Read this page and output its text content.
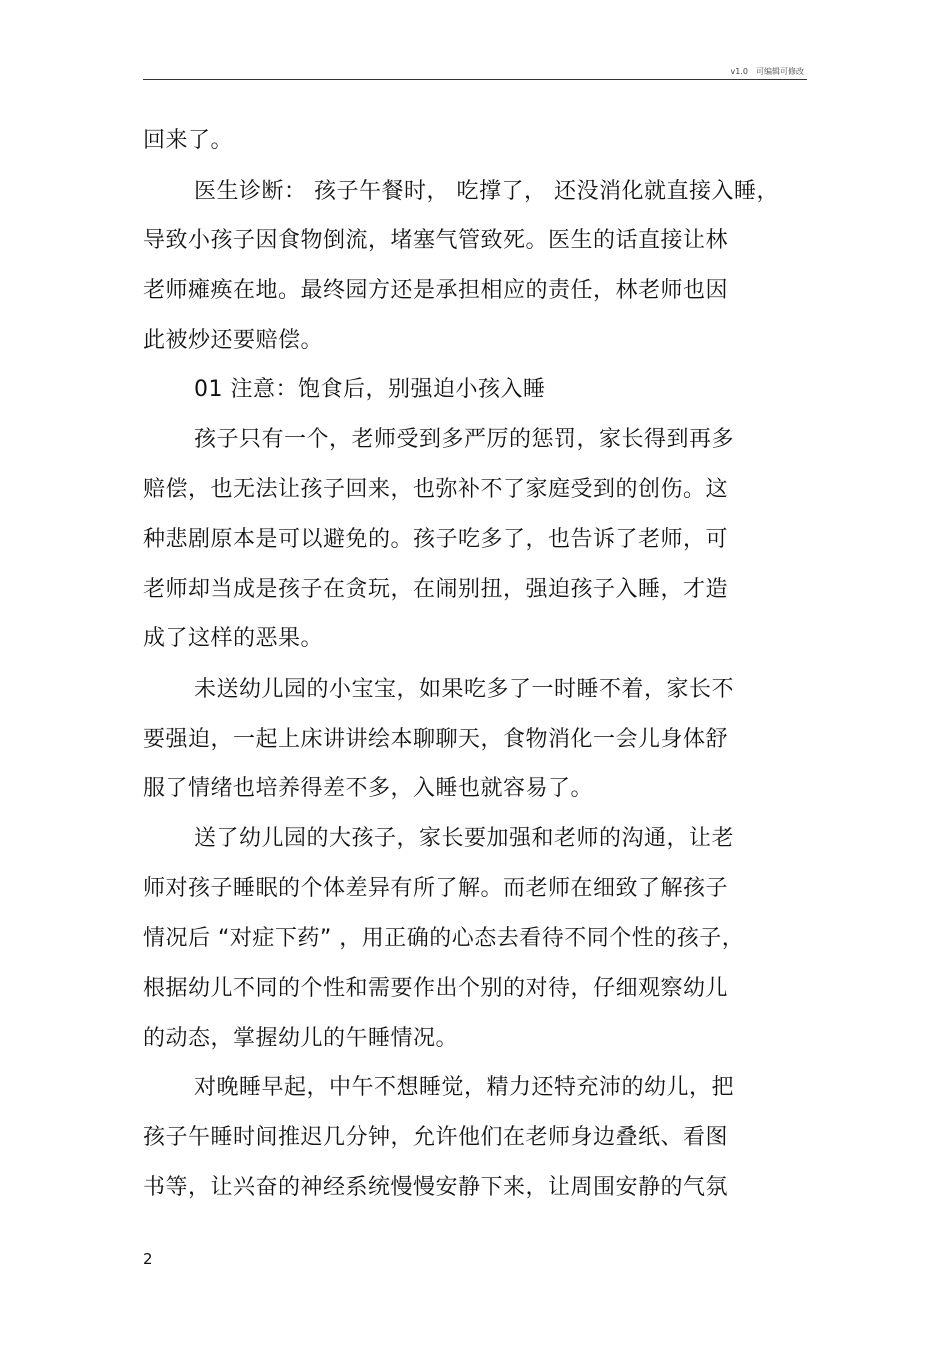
v1.0　可编辑可修改
回来了。
医生诊断： 孩子午餐时， 吃撑了， 还没消化就直接入睡，
导致小孩子因食物倒流，堵塞气管致死。医生的话直接让林
老师瘫痪在地。最终园方还是承担相应的责任，林老师也因
此被炒还要赔偿。
01 注意：饱食后，别强迫小孩入睡
孩子只有一个，老师受到多严厉的惩罚，家长得到再多
赔偿，也无法让孩子回来，也弥补不了家庭受到的创伤。这
种悲剧原本是可以避免的。孩子吃多了，也告诉了老师，可
老师却当成是孩子在贪玩，在闹别扭，强迫孩子入睡，才造
成了这样的恶果。
未送幼儿园的小宝宝，如果吃多了一时睡不着，家长不
要强迫，一起上床讲讲绘本聊聊天，食物消化一会儿身体舒
服了情绪也培养得差不多，入睡也就容易了。
送了幼儿园的大孩子，家长要加强和老师的沟通，让老
师对孩子睡眠的个体差异有所了解。而老师在细致了解孩子
情况后 “对症下药” ，用正确的心态去看待不同个性的孩子，
根据幼儿不同的个性和需要作出个别的对待，仔细观察幼儿
的动态，掌握幼儿的午睡情况。
对晚睡早起，中午不想睡觉，精力还特充沛的幼儿，把
孩子午睡时间推迟几分钟，允许他们在老师身边叠纸、看图
书等，让兴奋的神经系统慢慢安静下来，让周围安静的气氛
2
